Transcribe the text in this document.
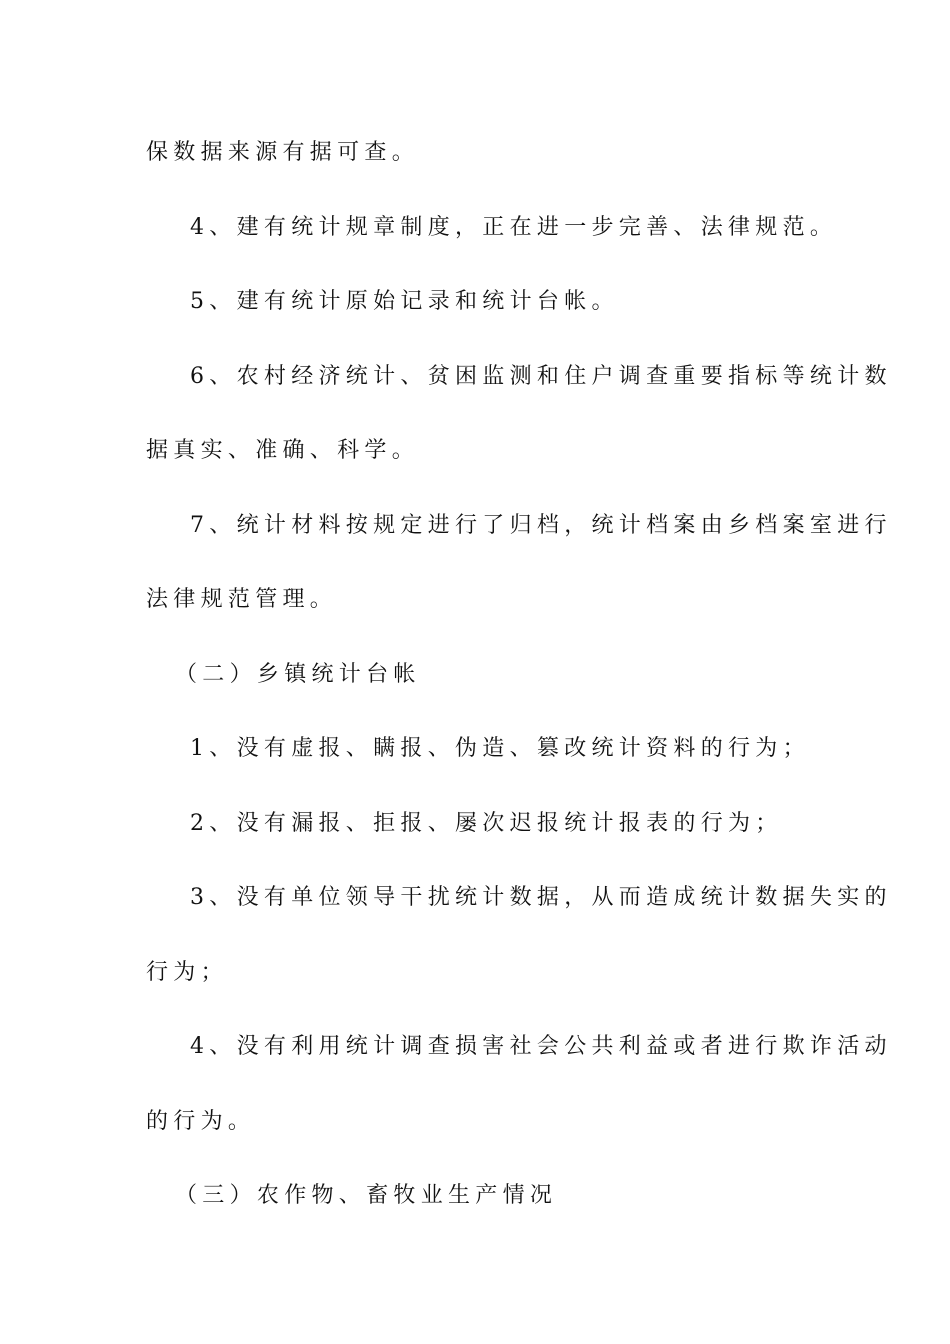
保数据来源有据可查。
4、建有统计规章制度，正在进一步完善、法律规范。
5、建有统计原始记录和统计台帐。
6、农村经济统计、贫困监测和住户调查重要指标等统计数
据真实、准确、科学。
7、统计材料按规定进行了归档，统计档案由乡档案室进行
法律规范管理。
（二）乡镇统计台帐
1、没有虚报、瞒报、伪造、篡改统计资料的行为；
2、没有漏报、拒报、屡次迟报统计报表的行为；
3、没有单位领导干扰统计数据，从而造成统计数据失实的
行为；
4、没有利用统计调查损害社会公共利益或者进行欺诈活动
的行为。
（三）农作物、畜牧业生产情况
